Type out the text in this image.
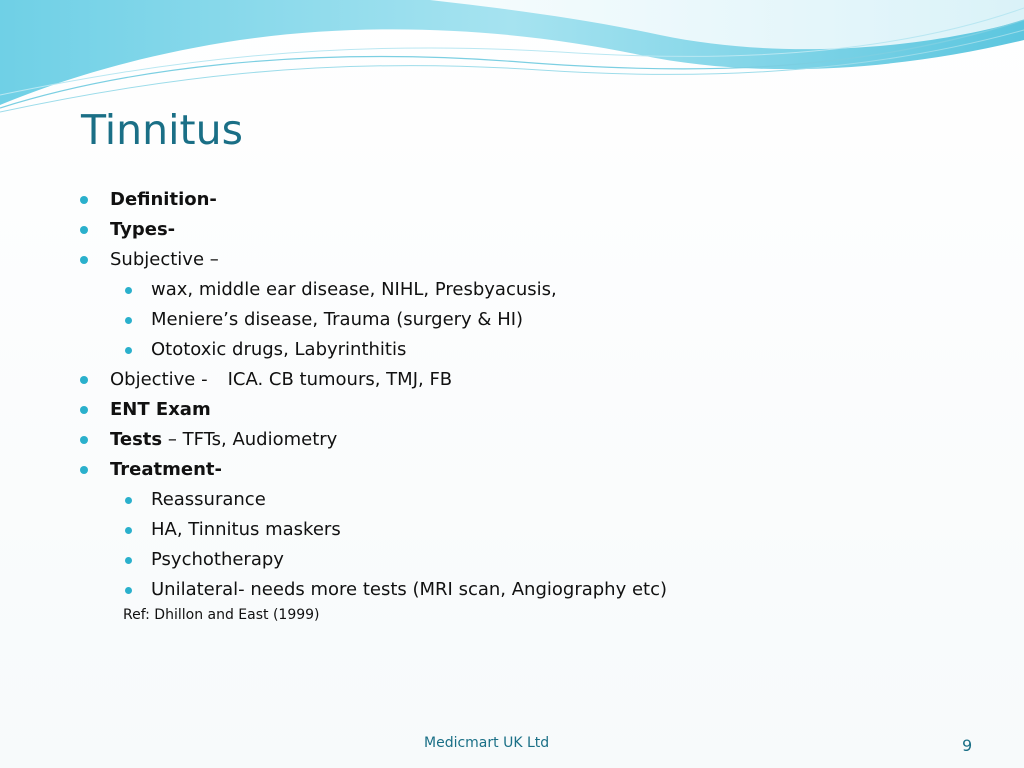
Tinnitus
Definition-
Types-
Subjective –
wax, middle ear disease, NIHL, Presbyacusis,
Meniere’s disease, Trauma (surgery & HI)
Ototoxic drugs, Labyrinthitis
Objective - ICA. CB tumours, TMJ, FB
ENT Exam
Tests – TFTs, Audiometry
Treatment-
Reassurance
HA, Tinnitus maskers
Psychotherapy
Unilateral- needs more tests (MRI scan, Angiography etc)
Ref: Dhillon and East (1999)
Medicmart UK Ltd	9
